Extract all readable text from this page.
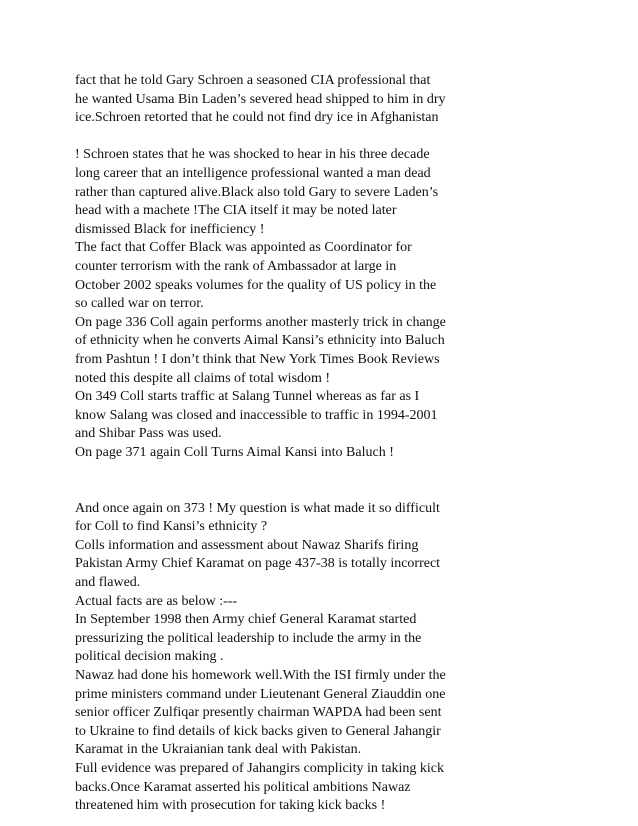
fact that he told Gary Schroen a seasoned CIA professional that
he wanted Usama Bin Laden’s severed head shipped to him in dry
ice.Schroen retorted that he could not find dry ice in Afghanistan
! Schroen states that he was shocked to hear in his three decade
long career that an intelligence professional wanted a man dead
rather than captured alive.Black also told Gary to severe Laden’s
head with a machete !The CIA itself it may be noted later
dismissed Black for inefficiency !
The fact that Coffer Black was appointed as Coordinator for
counter terrorism with the rank of Ambassador at large in
October 2002 speaks volumes for the quality of US policy in the
so called war on terror.
On page 336 Coll again performs another masterly trick in change
of ethnicity when he converts Aimal Kansi’s ethnicity into Baluch
from Pashtun ! I don’t think that New York Times Book Reviews
noted this despite all claims of total wisdom !
On 349 Coll starts traffic at Salang Tunnel whereas as far as I
know Salang was closed and inaccessible to traffic in 1994-2001
and Shibar Pass was used.
On page 371 again Coll Turns Aimal Kansi into Baluch !
And once again on 373 ! My question is what made it so difficult
for Coll to find Kansi’s ethnicity ?
Colls information and assessment about Nawaz Sharifs firing
Pakistan Army Chief Karamat on page 437-38 is totally incorrect
and flawed.
Actual facts are as below :---
In September 1998 then Army chief General Karamat started
pressurizing the political leadership to include the army in the
political decision making .
Nawaz had done his homework well.With the ISI firmly under the
prime ministers command under Lieutenant General Ziauddin one
senior officer Zulfiqar presently chairman WAPDA had been sent
to Ukraine to find details of kick backs given to General Jahangir
Karamat in the Ukraianian tank deal with Pakistan.
Full evidence was prepared of Jahangirs complicity in taking kick
backs.Once Karamat asserted his political ambitions Nawaz
threatened him with prosecution for taking kick backs !
